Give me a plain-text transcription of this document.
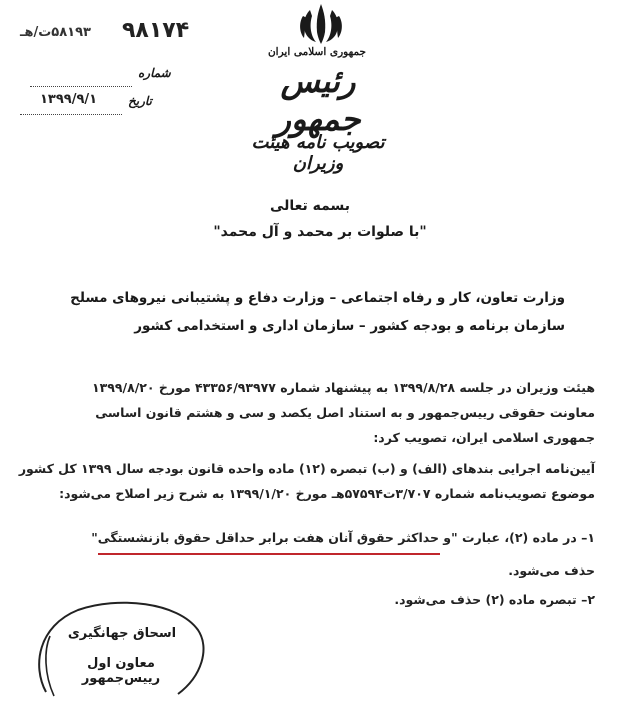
۹۸۱۷۴
۵۸۱۹۳ت/هـ
شماره
۱۳۹۹/۹/۱	تاریخ
جمهوری اسلامی ایران
رئیس جمهور
تصویب نامه هیئت وزیران
بسمه تعالی
"با صلوات بر محمد و آل محمد"
وزارت تعاون، کار و رفاه اجتماعی – وزارت دفاع و پشتیبانی نیروهای مسلح
سازمان برنامه و بودجه کشور – سازمان اداری و استخدامی کشور
هیئت وزیران در جلسه ۱۳۹۹/۸/۲۸ به پیشنهاد شماره ۴۳۳۵۶/۹۳۹۷۷ مورخ ۱۳۹۹/۸/۲۰
معاونت حقوقی رییس‌جمهور و به استناد اصل یکصد و سی و هشتم قانون اساسی
جمهوری اسلامی ایران، تصویب کرد:
آیین‌نامه اجرایی بندهای (الف) و (ب) تبصره (۱۲) ماده واحده قانون بودجه سال ۱۳۹۹ کل کشور
موضوع تصویب‌نامه شماره ۳/۷۰۷ت۵۷۵۹۴هـ مورخ ۱۳۹۹/۱/۲۰ به شرح زیر اصلاح می‌شود:
۱– در ماده (۲)، عبارت "و حداکثر حقوق آنان هفت برابر حداقل حقوق بازنشستگی"
حذف می‌شود.
۲– تبصره ماده (۲) حذف می‌شود.
اسحاق جهانگیری
معاون اول رییس‌جمهور
